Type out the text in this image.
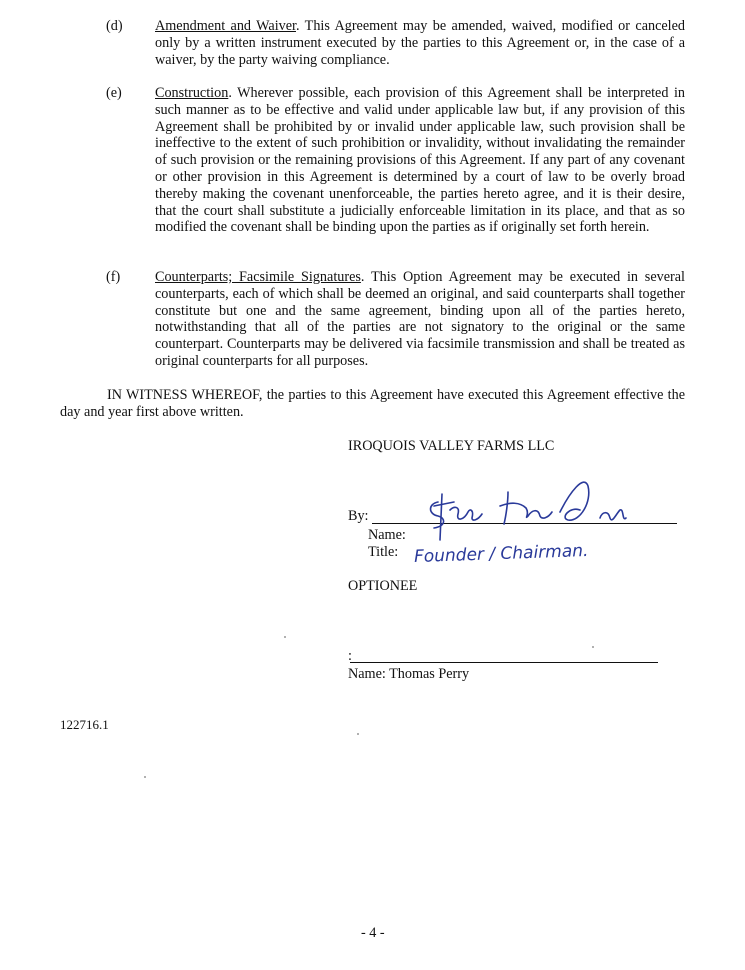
(d) Amendment and Waiver. This Agreement may be amended, waived, modified or canceled only by a written instrument executed by the parties to this Agreement or, in the case of a waiver, by the party waiving compliance.
(e) Construction. Wherever possible, each provision of this Agreement shall be interpreted in such manner as to be effective and valid under applicable law but, if any provision of this Agreement shall be prohibited by or invalid under applicable law, such provision shall be ineffective to the extent of such prohibition or invalidity, without invalidating the remainder of such provision or the remaining provisions of this Agreement. If any part of any covenant or other provision in this Agreement is determined by a court of law to be overly broad thereby making the covenant unenforceable, the parties hereto agree, and it is their desire, that the court shall substitute a judicially enforceable limitation in its place, and that as so modified the covenant shall be binding upon the parties as if originally set forth herein.
(f) Counterparts; Facsimile Signatures. This Option Agreement may be executed in several counterparts, each of which shall be deemed an original, and said counterparts shall together constitute but one and the same agreement, binding upon all of the parties hereto, notwithstanding that all of the parties are not signatory to the original or the same counterpart. Counterparts may be delivered via facsimile transmission and shall be treated as original counterparts for all purposes.
IN WITNESS WHEREOF, the parties to this Agreement have executed this Agreement effective the day and year first above written.
IROQUOIS VALLEY FARMS LLC
By:
Name:
Title: Founder / Chairman.
OPTIONEE
:
Name: Thomas Perry
122716.1
- 4 -
